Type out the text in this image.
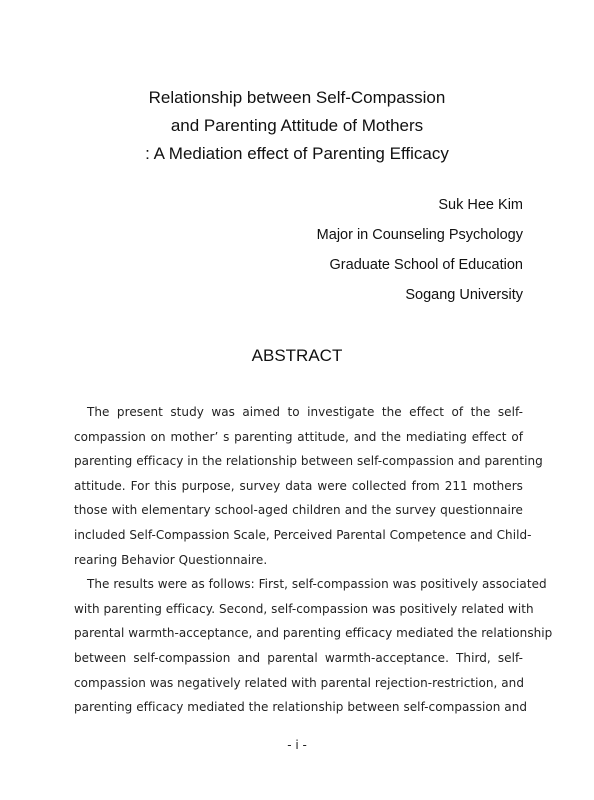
Relationship between Self-Compassion
and Parenting Attitude of Mothers
: A Mediation effect of Parenting Efficacy
Suk Hee Kim
Major in Counseling Psychology
Graduate School of Education
Sogang University
ABSTRACT
The present study was aimed to investigate the effect of the self-
compassion on mother’ s parenting attitude, and the mediating effect of
parenting efficacy in the relationship between self-compassion and parenting
attitude. For this purpose, survey data were collected from 211 mothers
those with elementary school-aged children and the survey questionnaire
included Self-Compassion Scale, Perceived Parental Competence and Child-
rearing Behavior Questionnaire.
The results were as follows: First, self-compassion was positively associated
with parenting efficacy. Second, self-compassion was positively related with
parental warmth-acceptance, and parenting efficacy mediated the relationship
between self-compassion and parental warmth-acceptance. Third, self-
compassion was negatively related with parental rejection-restriction, and
parenting efficacy mediated the relationship between self-compassion and
- i -
